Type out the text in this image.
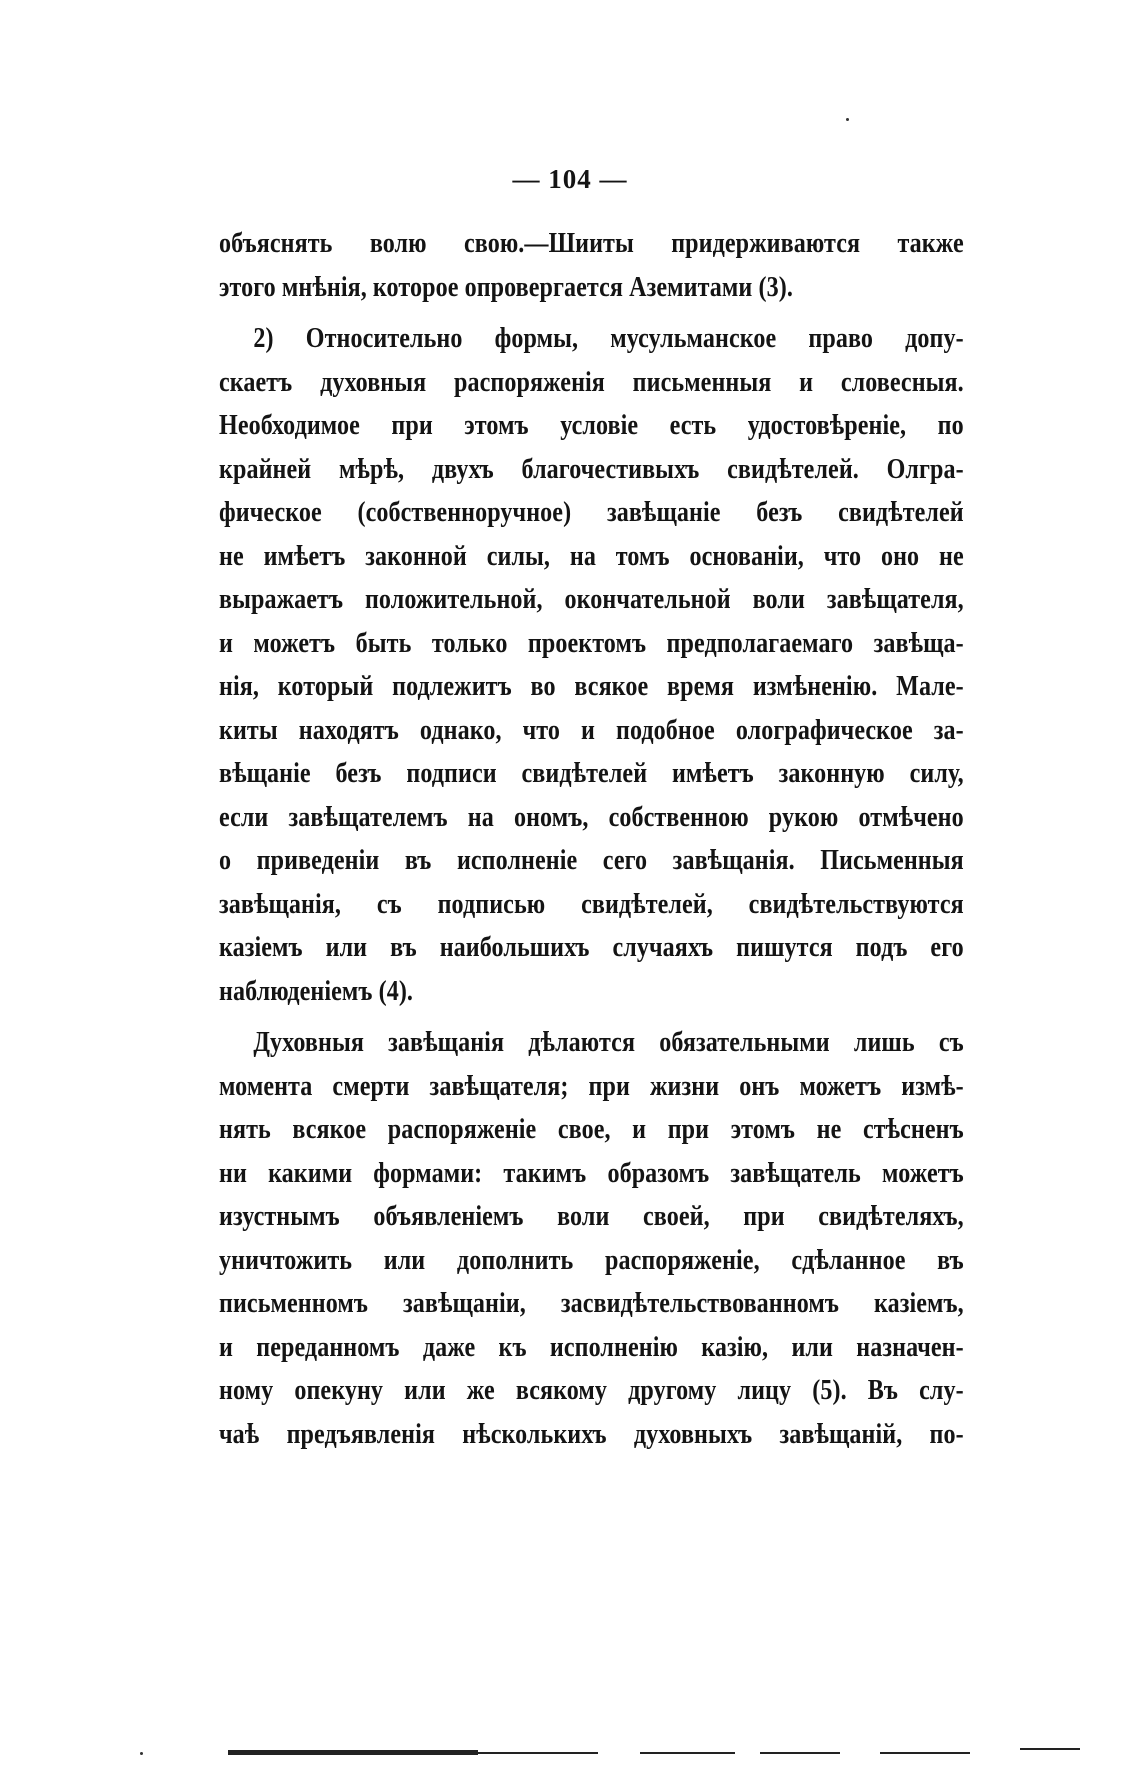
— 104 —
объяснять волю свою.—Шииты придерживаются также
этого мнѣнія, которое опровергается Аземитами (3).
2) Относительно формы, мусульманское право допу-
скаетъ духовныя распоряженія письменныя и словесныя.
Необходимое при этомъ условіе есть удостовѣреніе, по
крайней мѣрѣ, двухъ благочестивыхъ свидѣтелей. Олгра-
фическое (собственноручное) завѣщаніе безъ свидѣтелей
не имѣетъ законной силы, на томъ основаніи, что оно не
выражаетъ положительной, окончательной воли завѣщателя,
и можетъ быть только проектомъ предполагаемаго завѣща-
нія, который подлежитъ во всякое время измѣненію. Мале-
киты находятъ однако, что и подобное олографическое за-
вѣщаніе безъ подписи свидѣтелей имѣетъ законную силу,
если завѣщателемъ на ономъ, собственною рукою отмѣчено
о приведеніи въ исполненіе сего завѣщанія. Письменныя
завѣщанія, съ подписью свидѣтелей, свидѣтельствуются
казіемъ или въ наибольшихъ случаяхъ пишутся подъ его
наблюденіемъ (4).
Духовныя завѣщанія дѣлаются обязательными лишь съ
момента смерти завѣщателя; при жизни онъ можетъ измѣ-
нять всякое распоряженіе свое, и при этомъ не стѣсненъ
ни какими формами: такимъ образомъ завѣщатель можетъ
изустнымъ объявленіемъ воли своей, при свидѣтеляхъ,
уничтожить или дополнить распоряженіе, сдѣланное въ
письменномъ завѣщаніи, засвидѣтельствованномъ казіемъ,
и переданномъ даже къ исполненію казію, или назначен-
ному опекуну или же всякому другому лицу (5). Въ слу-
чаѣ предъявленія нѣсколькихъ духовныхъ завѣщаній, по-
